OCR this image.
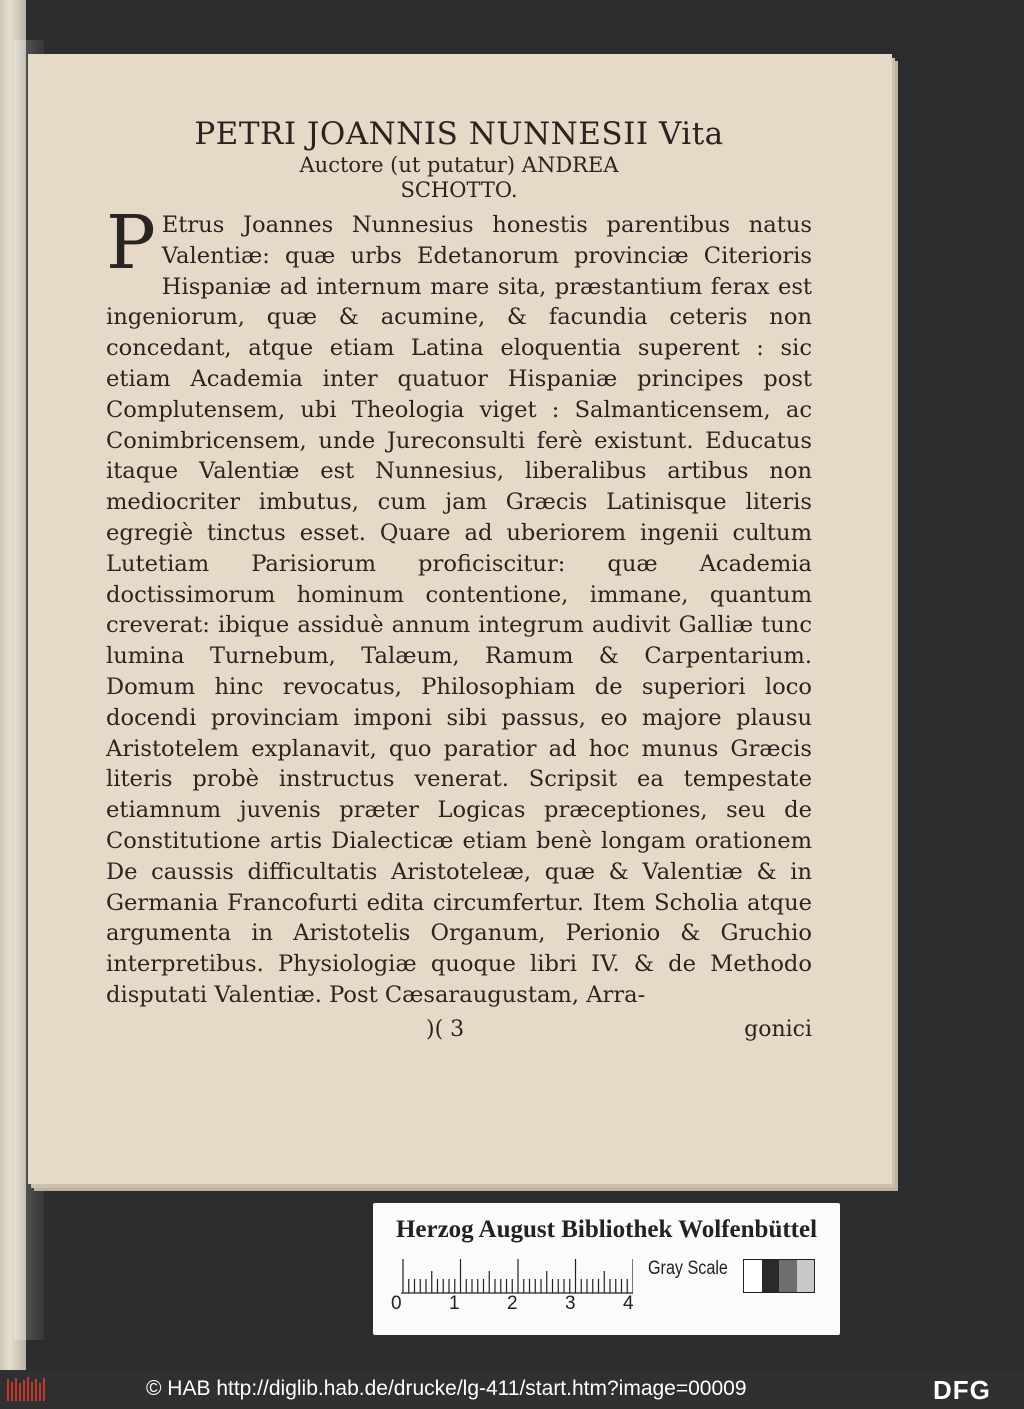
PETRI JOANNIS NUNNESII Vita
Auctore (ut putatur) ANDREA
SCHOTTO.

P Etrus Joannes Nunnesius honestis parentibus natus Valentiæ: quæ urbs Edetanorum provinciæ Citerioris Hispaniæ ad internum mare sita, præstantium ferax est ingeniorum, quæ & acumine, & facundia ceteris non concedant, atque etiam Latina eloquentia superent : sic etiam Academia inter quatuor Hispaniæ principes post Complutensem, ubi Theologia viget : Salmanticensem, ac Conimbricensem, unde Jureconsulti ferè existunt. Educatus itaque Valentiæ est Nunnesius, liberalibus artibus non mediocriter imbutus, cum jam Græcis Latinisque literis egregiè tinctus esset. Quare ad uberiorem ingenii cultum Lutetiam Parisiorum proficiscitur: quæ Academia doctissimorum hominum contentione, immane, quantum creverat: ibique assiduè annum integrum audivit Galliæ tunc lumina Turnebum, Talæum, Ramum & Carpentarium. Domum hinc revocatus, Philosophiam de superiori loco docendi provinciam imponi sibi passus, eo majore plausu Aristotelem explanavit, quo paratior ad hoc munus Græcis literis probè instructus venerat. Scripsit ea tempestate etiamnum juvenis præter Logicas præceptiones, seu de Constitutione artis Dialecticæ etiam benè longam orationem De caussis difficultatis Aristoteleæ, quæ & Valentiæ & in Germania Francofurti edita circumfertur. Item Scholia atque argumenta in Aristotelis Organum, Perionio & Gruchio interpretibus. Physiologiæ quoque libri IV. & de Methodo disputati Valentiæ. Post Cæsaraugustam, Arra-

)( 3	gonici
Herzog August Bibliothek Wolfenbüttel
0 1 2 3 4
Gray Scale
© HAB http://diglib.hab.de/drucke/lg-411/start.htm?image=00009	DFG
